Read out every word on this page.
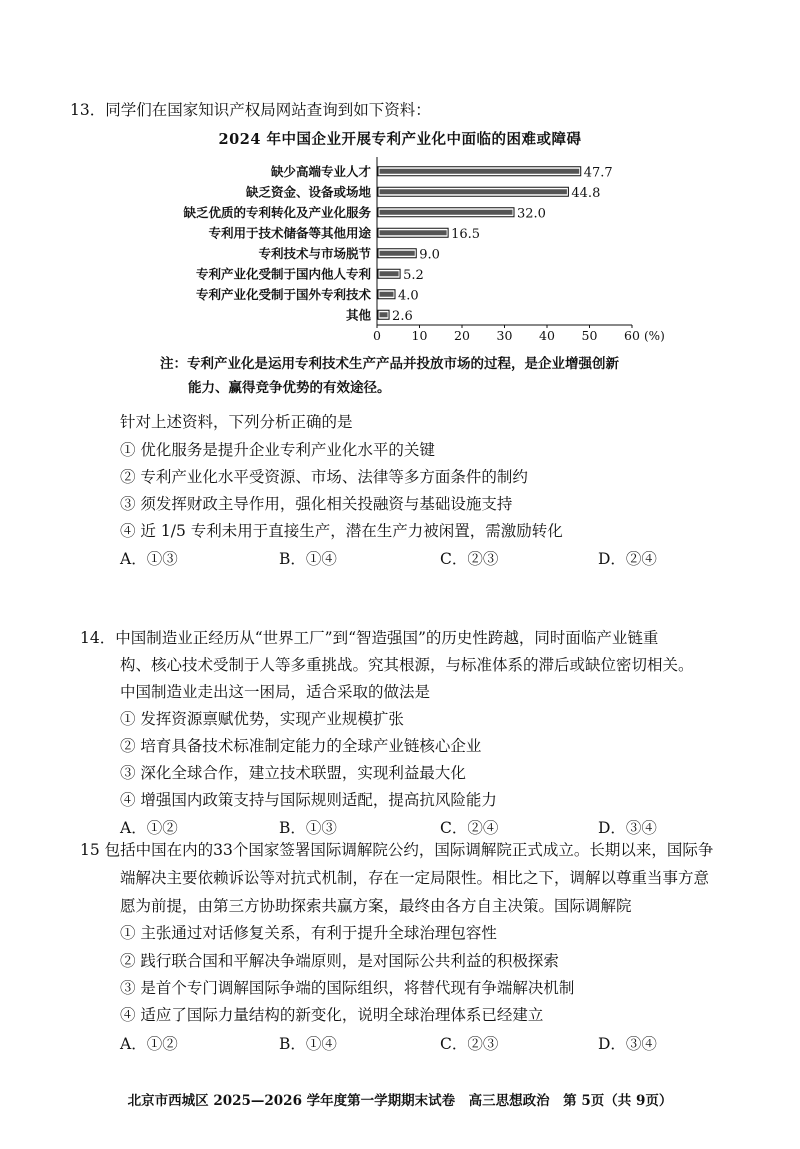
13．同学们在国家知识产权局网站查询到如下资料：
2024 年中国企业开展专利产业化中面临的困难或障碍
缺少高端专业人才	47.7
缺乏资金、设备或场地	44.8
缺乏优质的专利转化及产业化服务	32.0
专利用于技术储备等其他用途	16.5
专利技术与市场脱节	9.0
专利产业化受制于国内他人专利 5.2
专利产业化受制于国外专利技术 4.0
其他 2.6
0 10 20 30 40 50 60 (%)
注：专利产业化是运用专利技术生产产品并投放市场的过程，是企业增强创新
能力、赢得竞争优势的有效途径。
针对上述资料，下列分析正确的是
① 优化服务是提升企业专利产业化水平的关键
② 专利产业化水平受资源、市场、法律等多方面条件的制约
③ 须发挥财政主导作用，强化相关投融资与基础设施支持
④ 近 1/5 专利未用于直接生产，潜在生产力被闲置，需激励转化
A．①③	B．①④	C．②③	D．②④
14．中国制造业正经历从“世界工厂”到“智造强国”的历史性跨越，同时面临产业链重
构、核心技术受制于人等多重挑战。究其根源，与标准体系的滞后或缺位密切相关。
中国制造业走出这一困局，适合采取的做法是
① 发挥资源禀赋优势，实现产业规模扩张
② 培育具备技术标准制定能力的全球产业链核心企业
③ 深化全球合作，建立技术联盟，实现利益最大化
④ 增强国内政策支持与国际规则适配，提高抗风险能力
A．①②	B．①③	C．②④	D．③④
15 包括中国在内的33个国家签署国际调解院公约，国际调解院正式成立。长期以来，国际争
端解决主要依赖诉讼等对抗式机制，存在一定局限性。相比之下，调解以尊重当事方意
愿为前提，由第三方协助探索共赢方案，最终由各方自主决策。国际调解院
① 主张通过对话修复关系，有利于提升全球治理包容性
② 践行联合国和平解决争端原则，是对国际公共利益的积极探索
③ 是首个专门调解国际争端的国际组织，将替代现有争端解决机制
④ 适应了国际力量结构的新变化，说明全球治理体系已经建立
A．①②	B．①④	C．②③	D．③④
北京市西城区 2025—2026 学年度第一学期期末试卷　高三思想政治　第 5页（共 9页）
